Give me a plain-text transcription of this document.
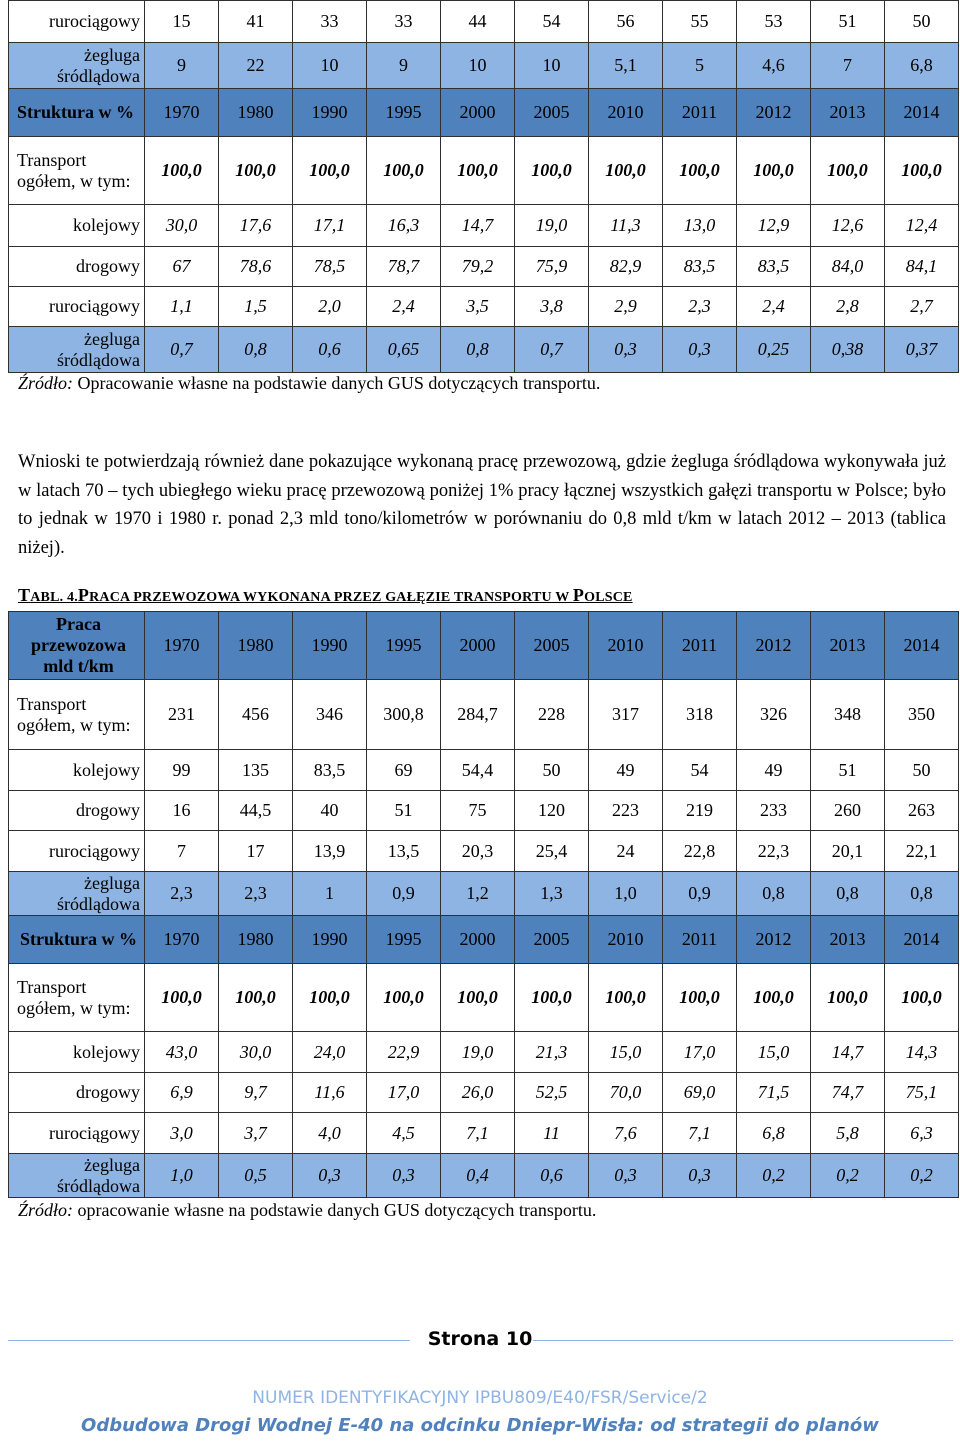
rurociągowy	15	41	33	33	44	54	56	55	53	51	50
żegluga śródlądowa	9	22	10	9	10	10	5,1	5	4,6	7	6,8
Struktura w %	1970	1980	1990	1995	2000	2005	2010	2011	2012	2013	2014
Transport ogółem, w tym:	100,0	100,0	100,0	100,0	100,0	100,0	100,0	100,0	100,0	100,0	100,0
kolejowy	30,0	17,6	17,1	16,3	14,7	19,0	11,3	13,0	12,9	12,6	12,4
drogowy	67	78,6	78,5	78,7	79,2	75,9	82,9	83,5	83,5	84,0	84,1
rurociągowy	1,1	1,5	2,0	2,4	3,5	3,8	2,9	2,3	2,4	2,8	2,7
żegluga śródlądowa	0,7	0,8	0,6	0,65	0,8	0,7	0,3	0,3	0,25	0,38	0,37
Źródło: Opracowanie własne na podstawie danych GUS dotyczących transportu.
Wnioski te potwierdzają również dane pokazujące wykonaną pracę przewozową, gdzie żegluga śródlądowa wykonywała już w latach 70 – tych ubiegłego wieku pracę przewozową poniżej 1% pracy łącznej wszystkich gałęzi transportu w Polsce; było to jednak w 1970 i 1980 r. ponad 2,3 mld tono/kilometrów w porównaniu do 0,8 mld t/km w latach 2012 – 2013 (tablica niżej).
TABL. 4.PRACA PRZEWOZOWA WYKONANA PRZEZ GAŁĘZIE TRANSPORTU W POLSCE
Praca przewozowa mld t/km	1970	1980	1990	1995	2000	2005	2010	2011	2012	2013	2014
Transport ogółem, w tym:	231	456	346	300,8	284,7	228	317	318	326	348	350
kolejowy	99	135	83,5	69	54,4	50	49	54	49	51	50
drogowy	16	44,5	40	51	75	120	223	219	233	260	263
rurociągowy	7	17	13,9	13,5	20,3	25,4	24	22,8	22,3	20,1	22,1
żegluga śródlądowa	2,3	2,3	1	0,9	1,2	1,3	1,0	0,9	0,8	0,8	0,8
Struktura w %	1970	1980	1990	1995	2000	2005	2010	2011	2012	2013	2014
Transport ogółem, w tym:	100,0	100,0	100,0	100,0	100,0	100,0	100,0	100,0	100,0	100,0	100,0
kolejowy	43,0	30,0	24,0	22,9	19,0	21,3	15,0	17,0	15,0	14,7	14,3
drogowy	6,9	9,7	11,6	17,0	26,0	52,5	70,0	69,0	71,5	74,7	75,1
rurociągowy	3,0	3,7	4,0	4,5	7,1	11	7,6	7,1	6,8	5,8	6,3
żegluga śródlądowa	1,0	0,5	0,3	0,3	0,4	0,6	0,3	0,3	0,2	0,2	0,2
Źródło: opracowanie własne na podstawie danych GUS dotyczących transportu.
Strona 10
NUMER IDENTYFIKACYJNY IPBU809/E40/FSR/Service/2
Odbudowa Drogi Wodnej E-40 na odcinku Dniepr-Wisła: od strategii do planów
